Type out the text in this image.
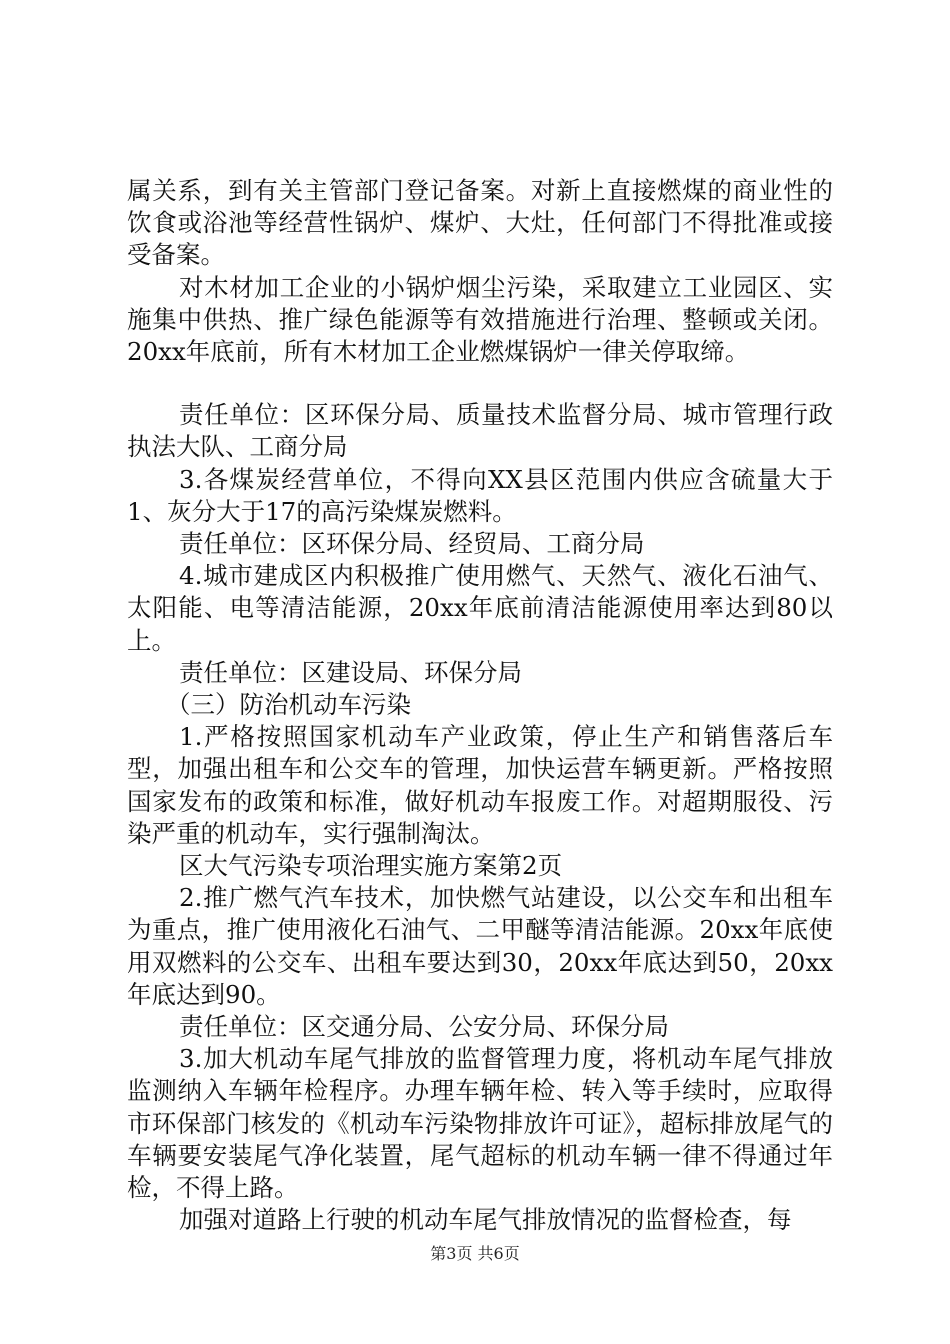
属关系，到有关主管部门登记备案。对新上直接燃煤的商业性的饮食或浴池等经营性锅炉、煤炉、大灶，任何部门不得批准或接受备案。

对木材加工企业的小锅炉烟尘污染，采取建立工业园区、实施集中供热、推广绿色能源等有效措施进行治理、整顿或关闭。20xx年底前，所有木材加工企业燃煤锅炉一律关停取缔。

责任单位：区环保分局、质量技术监督分局、城市管理行政执法大队、工商分局

3.各煤炭经营单位，不得向XX县区范围内供应含硫量大于1、灰分大于17的高污染煤炭燃料。

责任单位：区环保分局、经贸局、工商分局

4.城市建成区内积极推广使用燃气、天然气、液化石油气、太阳能、电等清洁能源，20xx年底前清洁能源使用率达到80以上。

责任单位：区建设局、环保分局

（三）防治机动车污染

1.严格按照国家机动车产业政策，停止生产和销售落后车型，加强出租车和公交车的管理，加快运营车辆更新。严格按照国家发布的政策和标准，做好机动车报废工作。对超期服役、污染严重的机动车，实行强制淘汰。

区大气污染专项治理实施方案第2页

2.推广燃气汽车技术，加快燃气站建设，以公交车和出租车为重点，推广使用液化石油气、二甲醚等清洁能源。20xx年底使用双燃料的公交车、出租车要达到30，20xx年底达到50，20xx年底达到90。

责任单位：区交通分局、公安分局、环保分局

3.加大机动车尾气排放的监督管理力度，将机动车尾气排放监测纳入车辆年检程序。办理车辆年检、转入等手续时，应取得市环保部门核发的《机动车污染物排放许可证》，超标排放尾气的车辆要安装尾气净化装置，尾气超标的机动车辆一律不得通过年检，不得上路。

加强对道路上行驶的机动车尾气排放情况的监督检查，每

第3页 共6页
